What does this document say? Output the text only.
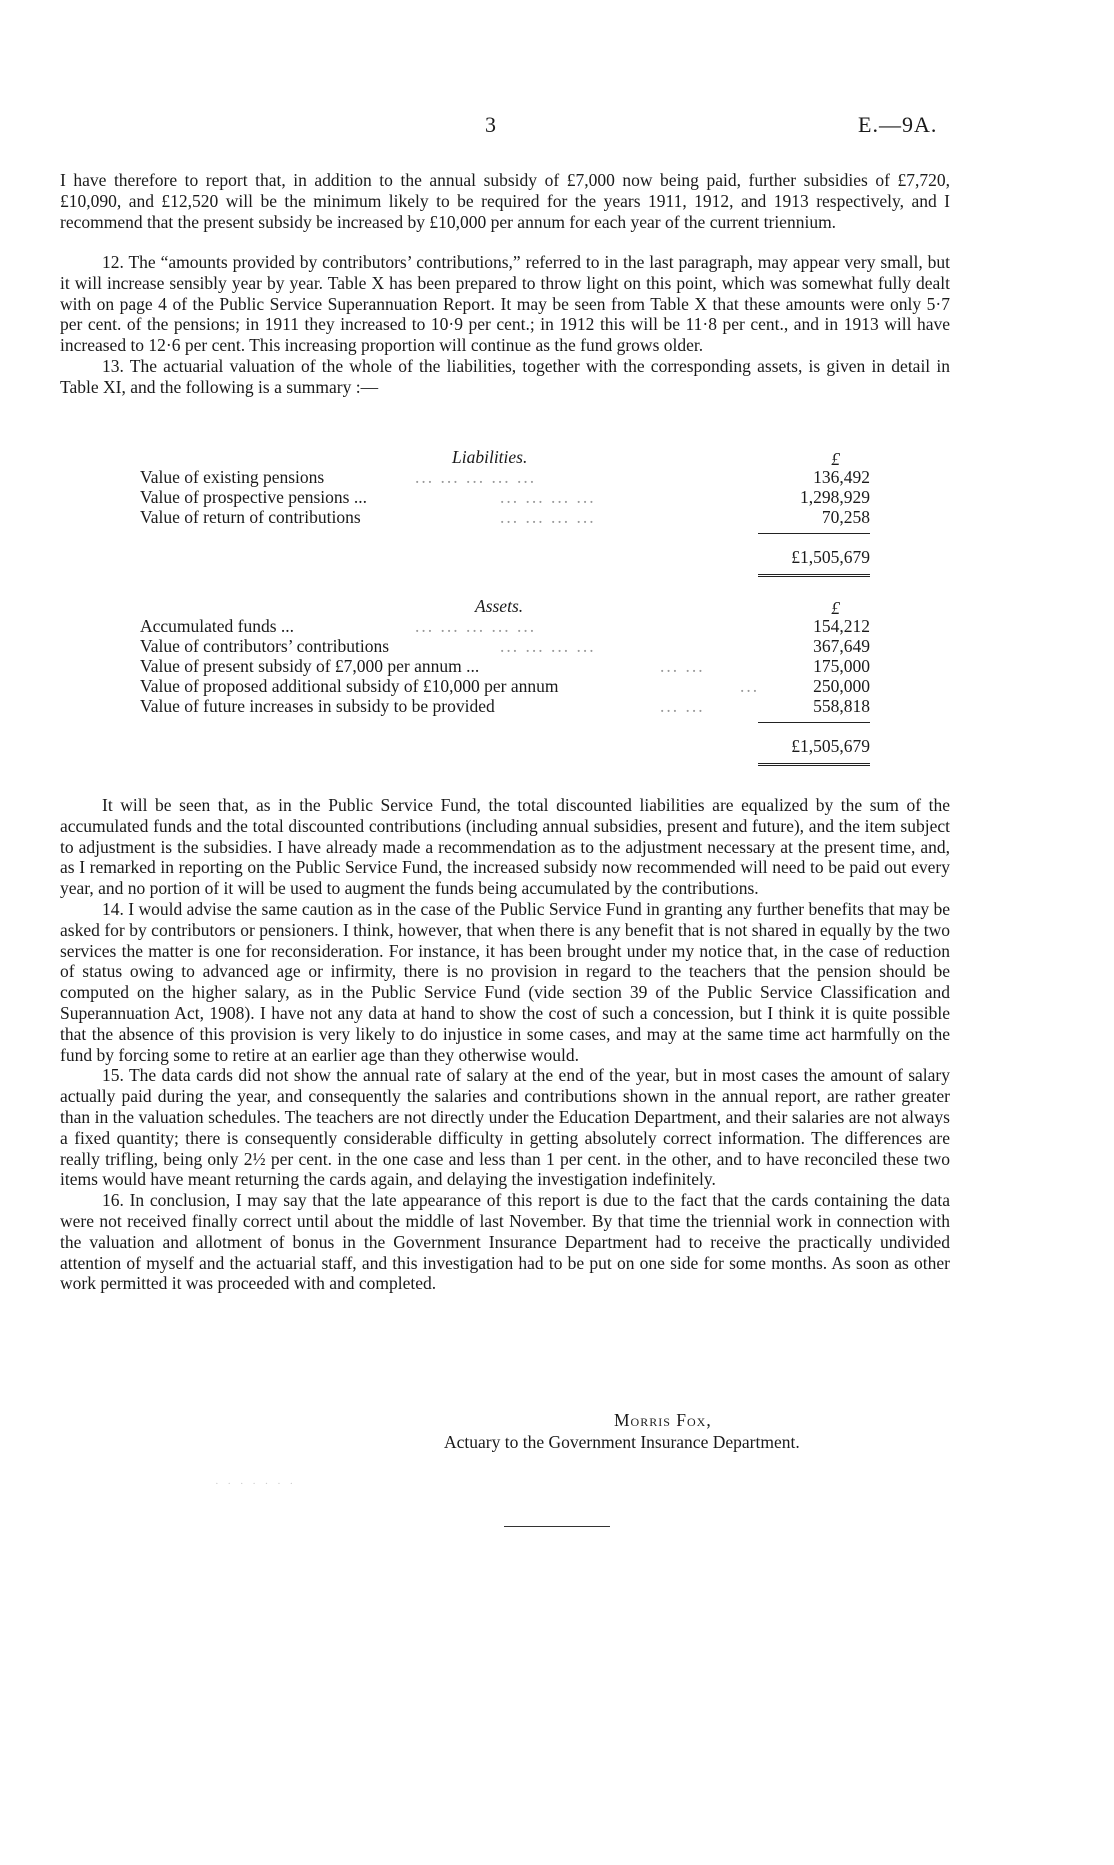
3	E.—9A.

I have therefore to report that, in addition to the annual subsidy of £7,000 now being paid, further subsidies of £7,720, £10,090, and £12,520 will be the minimum likely to be required for the years 1911, 1912, and 1913 respectively, and I recommend that the present subsidy be increased by £10,000 per annum for each year of the current triennium.

12. The “amounts provided by contributors’ contributions,” referred to in the last paragraph, may appear very small, but it will increase sensibly year by year. Table X has been prepared to throw light on this point, which was somewhat fully dealt with on page 4 of the Public Service Superannuation Report. It may be seen from Table X that these amounts were only 5·7 per cent. of the pensions; in 1911 they increased to 10·9 per cent.; in 1912 this will be 11·8 per cent., and in 1913 will have increased to 12·6 per cent. This increasing proportion will continue as the fund grows older.

13. The actuarial valuation of the whole of the liabilities, together with the corresponding assets, is given in detail in Table XI, and the following is a summary :—

Liabilities.	£
Value of existing pensions	... ... ... ... ...	136,492
Value of prospective pensions ...	... ... ... ...	1,298,929
Value of return of contributions	... ... ... ...	70,258
£1,505,679
Assets.	£
Accumulated funds ...	... ... ... ... ...	154,212
Value of contributors’ contributions	... ... ... ...	367,649
Value of present subsidy of £7,000 per annum ...	... ...	175,000
Value of proposed additional subsidy of £10,000 per annum	...	250,000
Value of future increases in subsidy to be provided	... ...	558,818
£1,505,679

It will be seen that, as in the Public Service Fund, the total discounted liabilities are equalized by the sum of the accumulated funds and the total discounted contributions (including annual subsidies, present and future), and the item subject to adjustment is the subsidies. I have already made a recommendation as to the adjustment necessary at the present time, and, as I remarked in reporting on the Public Service Fund, the increased subsidy now recommended will need to be paid out every year, and no portion of it will be used to augment the funds being accumulated by the contributions.

14. I would advise the same caution as in the case of the Public Service Fund in granting any further benefits that may be asked for by contributors or pensioners. I think, however, that when there is any benefit that is not shared in equally by the two services the matter is one for reconsideration. For instance, it has been brought under my notice that, in the case of reduction of status owing to advanced age or infirmity, there is no provision in regard to the teachers that the pension should be computed on the higher salary, as in the Public Service Fund (vide section 39 of the Public Service Classification and Superannuation Act, 1908). I have not any data at hand to show the cost of such a concession, but I think it is quite possible that the absence of this provision is very likely to do injustice in some cases, and may at the same time act harmfully on the fund by forcing some to retire at an earlier age than they otherwise would.

15. The data cards did not show the annual rate of salary at the end of the year, but in most cases the amount of salary actually paid during the year, and consequently the salaries and contributions shown in the annual report, are rather greater than in the valuation schedules. The teachers are not directly under the Education Department, and their salaries are not always a fixed quantity; there is consequently considerable difficulty in getting absolutely correct information. The differences are really trifling, being only 2½ per cent. in the one case and less than 1 per cent. in the other, and to have reconciled these two items would have meant returning the cards again, and delaying the investigation indefinitely.

16. In conclusion, I may say that the late appearance of this report is due to the fact that the cards containing the data were not received finally correct until about the middle of last November. By that time the triennial work in connection with the valuation and allotment of bonus in the Government Insurance Department had to receive the practically undivided attention of myself and the actuarial staff, and this investigation had to be put on one side for some months. As soon as other work permitted it was proceeded with and completed.

Morris Fox,
Actuary to the Government Insurance Department.
· · · · · · ·
